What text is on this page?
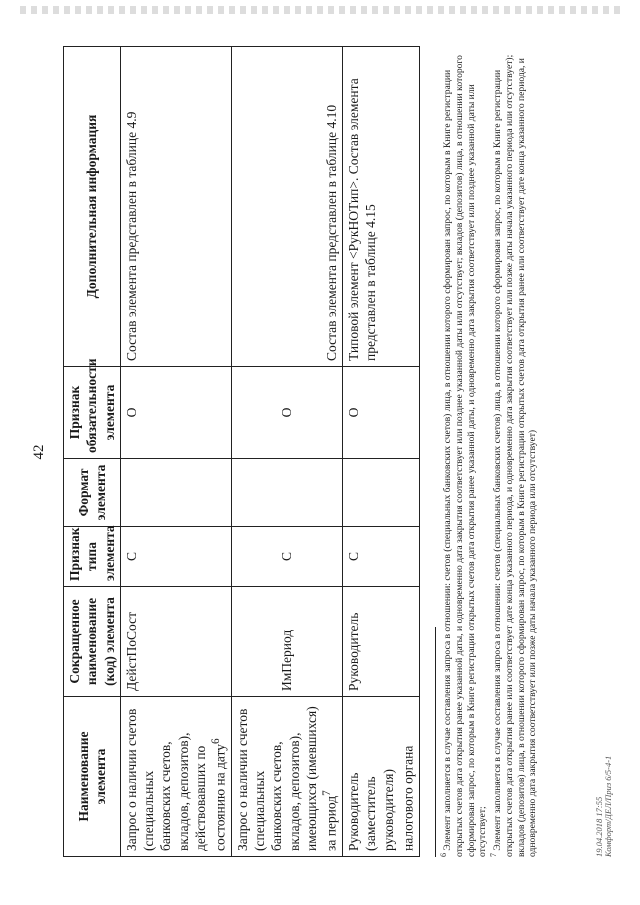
42
Наименование элемента	Сокращенное наименование (код) элемента	Признак типа элемента	Формат элемента	Признак обязательности элемента	Дополнительная информация
Запрос о наличии счетов (специальных банковских счетов, вкладов, депозитов), действовавших по состоянию на дату$^6$	ДейстПоСост	С		О	Состав элемента представлен в таблице 4.9
Запрос о наличии счетов (специальных банковских счетов, вкладов, депозитов), имеющихся (имевшихся) за период$^7$	ИмПериод	С		О	Состав элемента представлен в таблице 4.10
Руководитель (заместитель руководителя) налогового органа	Руководитель	С		О	Типовой элемент <РукНОТип>. Состав элемента представлен в таблице 4.15

$^6$ Элемент заполняется в случае составления запроса в отношении: счетов (специальных банковских счетов) лица, в отношении которого сформирован запрос, по которым в Книге регистрации открытых счетов дата открытия ранее указанной даты, и одновременно дата закрытия соответствует или позднее указанной даты или отсутствует; вкладов (депозитов) лица, в отношении которого сформирован запрос, по которым в Книге регистрации открытых счетов дата открытия ранее указанной даты, и одновременно дата закрытия соответствует или позднее указанной даты или отсутствует; $^7$ Элемент заполняется в случае составления запроса в отношении: счетов (специальных банковских счетов) лица, в отношении которого сформирован запрос, по которым в Книге регистрации открытых счетов дата открытия ранее или соответствует дате конца указанного периода, и одновременно дата закрытия соответствует или позже даты начала указанного периода или отсутствует); вкладов (депозитов) лица, в отношении которого сформирован запрос, по которым в Книге регистрации открытых счетов дата открытия ранее или соответствует дате конца указанного периода, и одновременно дата закрытия соответствует или позже даты начала указанного периода или отсутствует)	19.04.2018 17:55 Комфорт/ДЕЛ/Приз 6/5-4-1
